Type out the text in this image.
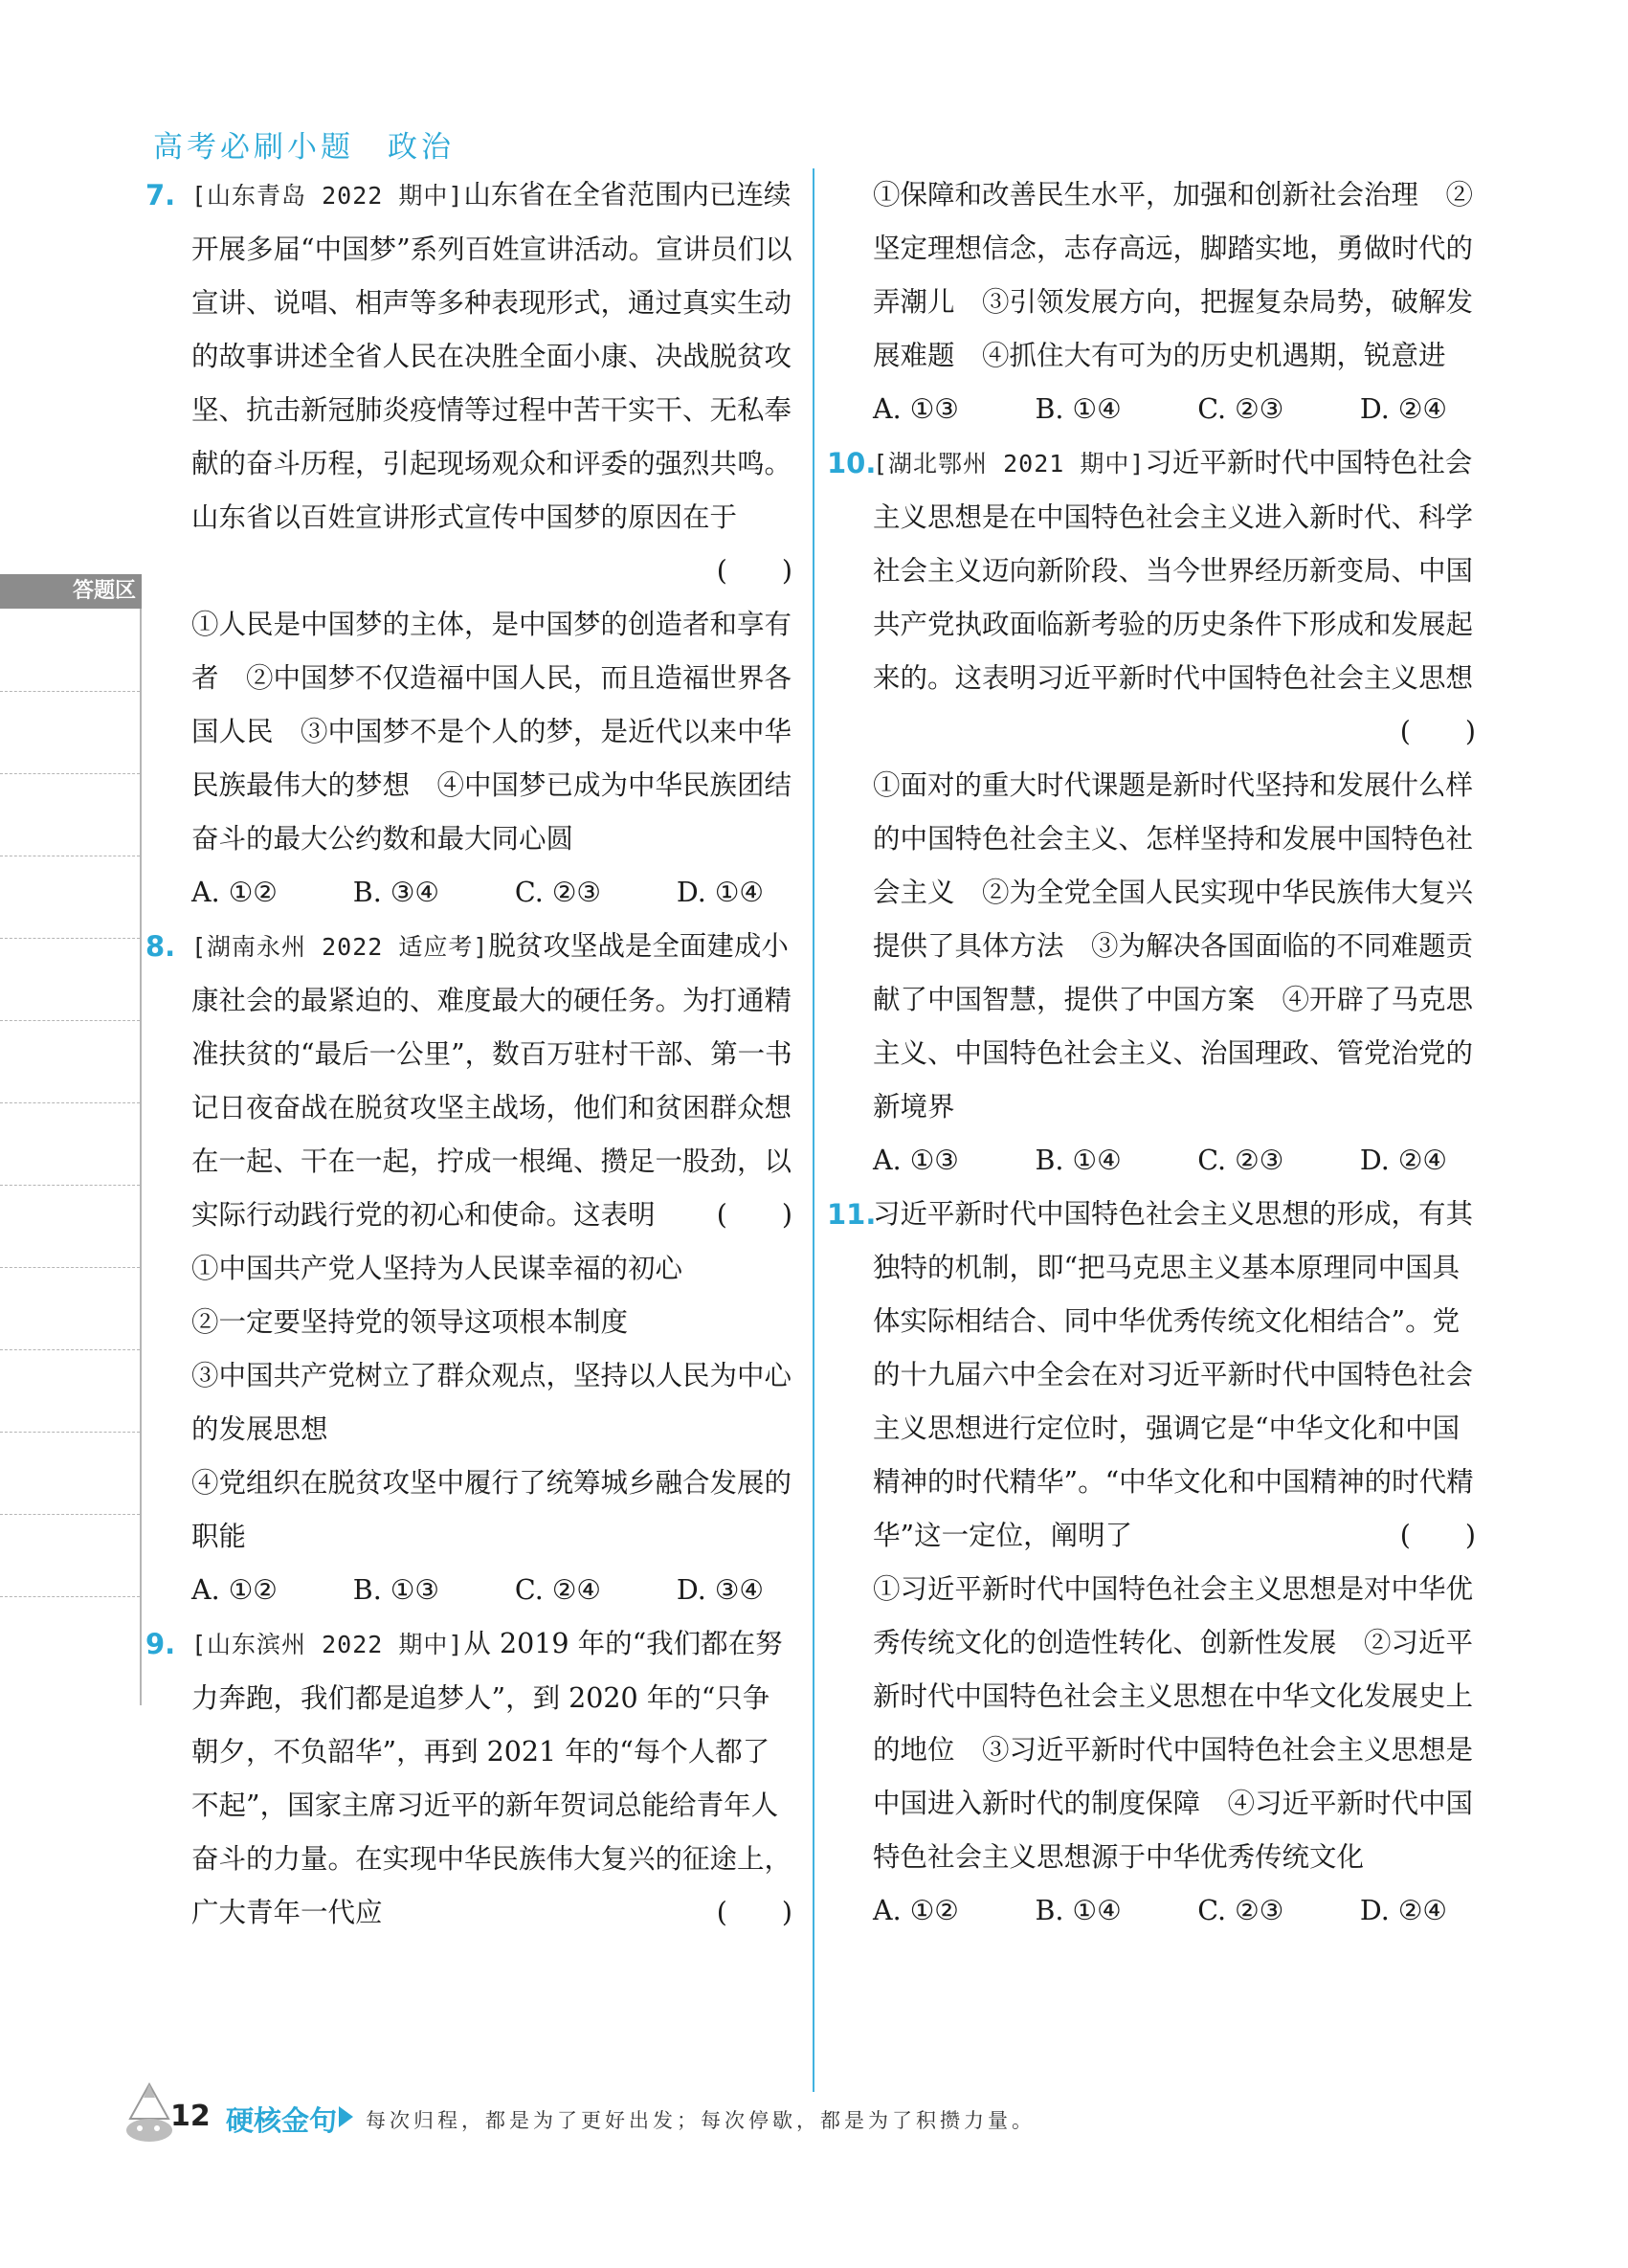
高考必刷小题　政治
答题区
7. [山东青岛 2022 期中]山东省在全省范围内已连续开展多届“中国梦”系列百姓宣讲活动。宣讲员们以宣讲、说唱、相声等多种表现形式，通过真实生动的故事讲述全省人民在决胜全面小康、决战脱贫攻坚、抗击新冠肺炎疫情等过程中苦干实干、无私奉献的奋斗历程，引起现场观众和评委的强烈共鸣。山东省以百姓宣讲形式宣传中国梦的原因在于
(　　)
①人民是中国梦的主体，是中国梦的创造者和享有者　②中国梦不仅造福中国人民，而且造福世界各国人民　③中国梦不是个人的梦，是近代以来中华民族最伟大的梦想　④中国梦已成为中华民族团结奋斗的最大公约数和最大同心圆
A. ①②	B. ③④	C. ②③	D. ①④
8. [湖南永州 2022 适应考]脱贫攻坚战是全面建成小康社会的最紧迫的、难度最大的硬任务。为打通精准扶贫的“最后一公里”，数百万驻村干部、第一书记日夜奋战在脱贫攻坚主战场，他们和贫困群众想在一起、干在一起，拧成一根绳、攒足一股劲，以实际行动践行党的初心和使命。这表明 (　　)
①中国共产党人坚持为人民谋幸福的初心
②一定要坚持党的领导这项根本制度
③中国共产党树立了群众观点，坚持以人民为中心的发展思想
④党组织在脱贫攻坚中履行了统筹城乡融合发展的职能
A. ①②	B. ①③	C. ②④	D. ③④
9. [山东滨州 2022 期中]从 2019 年的“我们都在努力奔跑，我们都是追梦人”，到 2020 年的“只争朝夕，不负韶华”，再到 2021 年的“每个人都了不起”，国家主席习近平的新年贺词总能给青年人奋斗的力量。在实现中华民族伟大复兴的征途上，广大青年一代应	(　　)
①保障和改善民生水平，加强和创新社会治理　②坚定理想信念，志存高远，脚踏实地，勇做时代的弄潮儿　③引领发展方向，把握复杂局势，破解发展难题　④抓住大有可为的历史机遇期，锐意进
A. ①③	B. ①④	C. ②③	D. ②④
10.
[湖北鄂州 2021 期中]习近平新时代中国特色社会主义思想是在中国特色社会主义进入新时代、科学社会主义迈向新阶段、当今世界经历新变局、中国共产党执政面临新考验的历史条件下形成和发展起来的。这表明习近平新时代中国特色社会主义思想
(　　)
①面对的重大时代课题是新时代坚持和发展什么样的中国特色社会主义、怎样坚持和发展中国特色社会主义　②为全党全国人民实现中华民族伟大复兴提供了具体方法　③为解决各国面临的不同难题贡献了中国智慧，提供了中国方案　④开辟了马克思主义、中国特色社会主义、治国理政、管党治党的新境界
A. ①③	B. ①④	C. ②③	D. ②④
11.
习近平新时代中国特色社会主义思想的形成，有其独特的机制，即“把马克思主义基本原理同中国具体实际相结合、同中华优秀传统文化相结合”。党的十九届六中全会在对习近平新时代中国特色社会主义思想进行定位时，强调它是“中华文化和中国精神的时代精华”。“中华文化和中国精神的时代精华”这一定位，阐明了	(　　)
①习近平新时代中国特色社会主义思想是对中华优秀传统文化的创造性转化、创新性发展　②习近平新时代中国特色社会主义思想在中华文化发展史上的地位　③习近平新时代中国特色社会主义思想是中国进入新时代的制度保障　④习近平新时代中国特色社会主义思想源于中华优秀传统文化
A. ①②	B. ①④	C. ②③	D. ②④
12 硬核金句 每次归程，都是为了更好出发；每次停歇，都是为了积攒力量。
